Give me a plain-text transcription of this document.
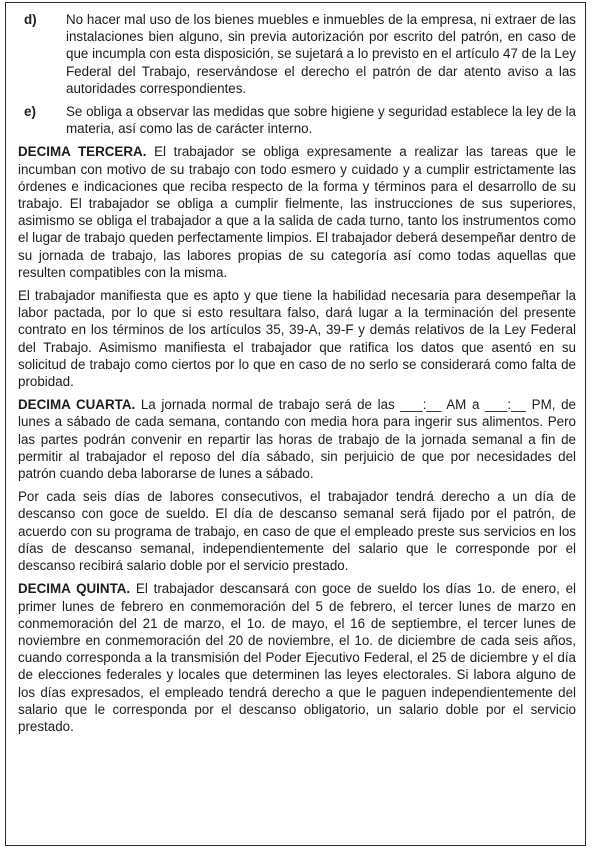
d)	No hacer mal uso de los bienes muebles e inmuebles de la empresa, ni extraer de las instalaciones bien alguno, sin previa autorización por escrito del patrón, en caso de que incumpla con esta disposición, se sujetará a lo previsto en el artículo 47 de la Ley Federal del Trabajo, reservándose el derecho el patrón de dar atento aviso a las autoridades correspondientes.
e)	Se obliga a observar las medidas que sobre higiene y seguridad establece la ley de la materia, así como las de carácter interno.

DECIMA TERCERA. El trabajador se obliga expresamente a realizar las tareas que le incumban con motivo de su trabajo con todo esmero y cuidado y a cumplir estrictamente las órdenes e indicaciones que reciba respecto de la forma y términos para el desarrollo de su trabajo. El trabajador se obliga a cumplir fielmente, las instrucciones de sus superiores, asimismo se obliga el trabajador a que a la salida de cada turno, tanto los instrumentos como el lugar de trabajo queden perfectamente limpios. El trabajador deberá desempeñar dentro de su jornada de trabajo, las labores propias de su categoría así como todas aquellas que resulten compatibles con la misma.

El trabajador manifiesta que es apto y que tiene la habilidad necesaria para desempeñar la labor pactada, por lo que si esto resultara falso, dará lugar a la terminación del presente contrato en los términos de los artículos 35, 39-A, 39-F y demás relativos de la Ley Federal del Trabajo. Asimismo manifiesta el trabajador que ratifica los datos que asentó en su solicitud de trabajo como ciertos por lo que en caso de no serlo se considerará como falta de probidad.

DECIMA CUARTA. La jornada normal de trabajo será de las ___:__ AM a ___:__ PM, de lunes a sábado de cada semana, contando con media hora para ingerir sus alimentos. Pero las partes podrán convenir en repartir las horas de trabajo de la jornada semanal a fin de permitir al trabajador el reposo del día sábado, sin perjuicio de que por necesidades del patrón cuando deba laborarse de lunes a sábado.

Por cada seis días de labores consecutivos, el trabajador tendrá derecho a un día de descanso con goce de sueldo. El día de descanso semanal será fijado por el patrón, de acuerdo con su programa de trabajo, en caso de que el empleado preste sus servicios en los días de descanso semanal, independientemente del salario que le corresponde por el descanso recibirá salario doble por el servicio prestado.

DECIMA QUINTA. El trabajador descansará con goce de sueldo los días 1o. de enero, el primer lunes de febrero en conmemoración del 5 de febrero, el tercer lunes de marzo en conmemoración del 21 de marzo, el 1o. de mayo, el 16 de septiembre, el tercer lunes de noviembre en conmemoración del 20 de noviembre, el 1o. de diciembre de cada seis años, cuando corresponda a la transmisión del Poder Ejecutivo Federal, el 25 de diciembre y el día de elecciones federales y locales que determinen las leyes electorales. Si labora alguno de los días expresados, el empleado tendrá derecho a que le paguen independientemente del salario que le corresponda por el descanso obligatorio, un salario doble por el servicio prestado.
